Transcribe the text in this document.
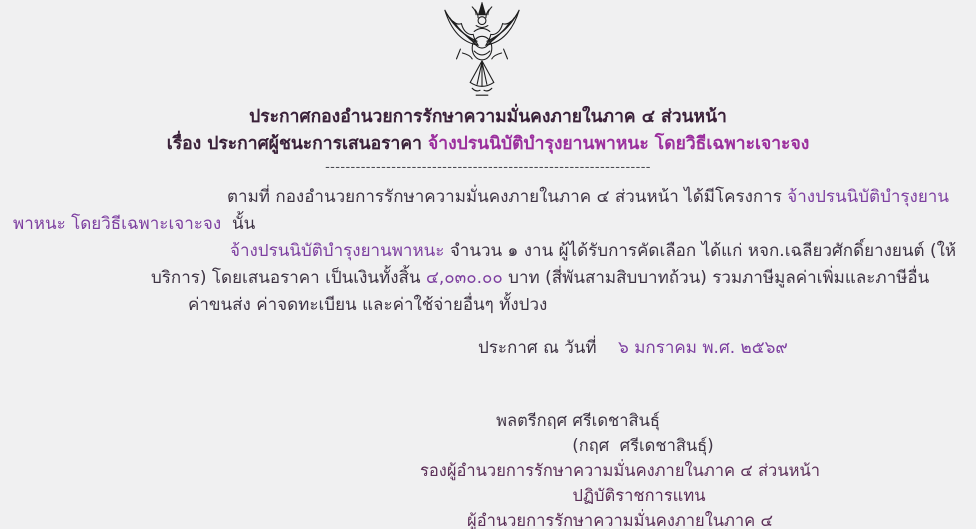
ประกาศกองอำนวยการรักษาความมั่นคงภายในภาค ๔ ส่วนหน้า
เรื่อง ประกาศผู้ชนะการเสนอราคา จ้างปรนนิบัติบำรุงยานพาหนะ โดยวิธีเฉพาะเจาะจง
----------------------------------------------------------------
ตามที่ กองอำนวยการรักษาความมั่นคงภายในภาค ๔ ส่วนหน้า ได้มีโครงการ จ้างปรนนิบัติบำรุงยาน
พาหนะ โดยวิธีเฉพาะเจาะจง  นั้น
จ้างปรนนิบัติบำรุงยานพาหนะ จำนวน ๑ งาน ผู้ได้รับการคัดเลือก ได้แก่ หจก.เฉลียวศักดิ์ยางยนต์ (ให้
บริการ) โดยเสนอราคา เป็นเงินทั้งสิ้น ๔,๐๓๐.๐๐ บาท (สี่พันสามสิบบาทถ้วน) รวมภาษีมูลค่าเพิ่มและภาษีอื่น
ค่าขนส่ง ค่าจดทะเบียน และค่าใช้จ่ายอื่นๆ ทั้งปวง
ประกาศ ณ วันที่ ๖ มกราคม พ.ศ. ๒๕๖๙
พลตรีกฤศ ศรีเดชาสินธุ์
(กฤศ  ศรีเดชาสินธุ์)
รองผู้อำนวยการรักษาความมั่นคงภายในภาค ๔ ส่วนหน้า
ปฏิบัติราชการแทน
ผู้อำนวยการรักษาความมั่นคงภายในภาค ๔
